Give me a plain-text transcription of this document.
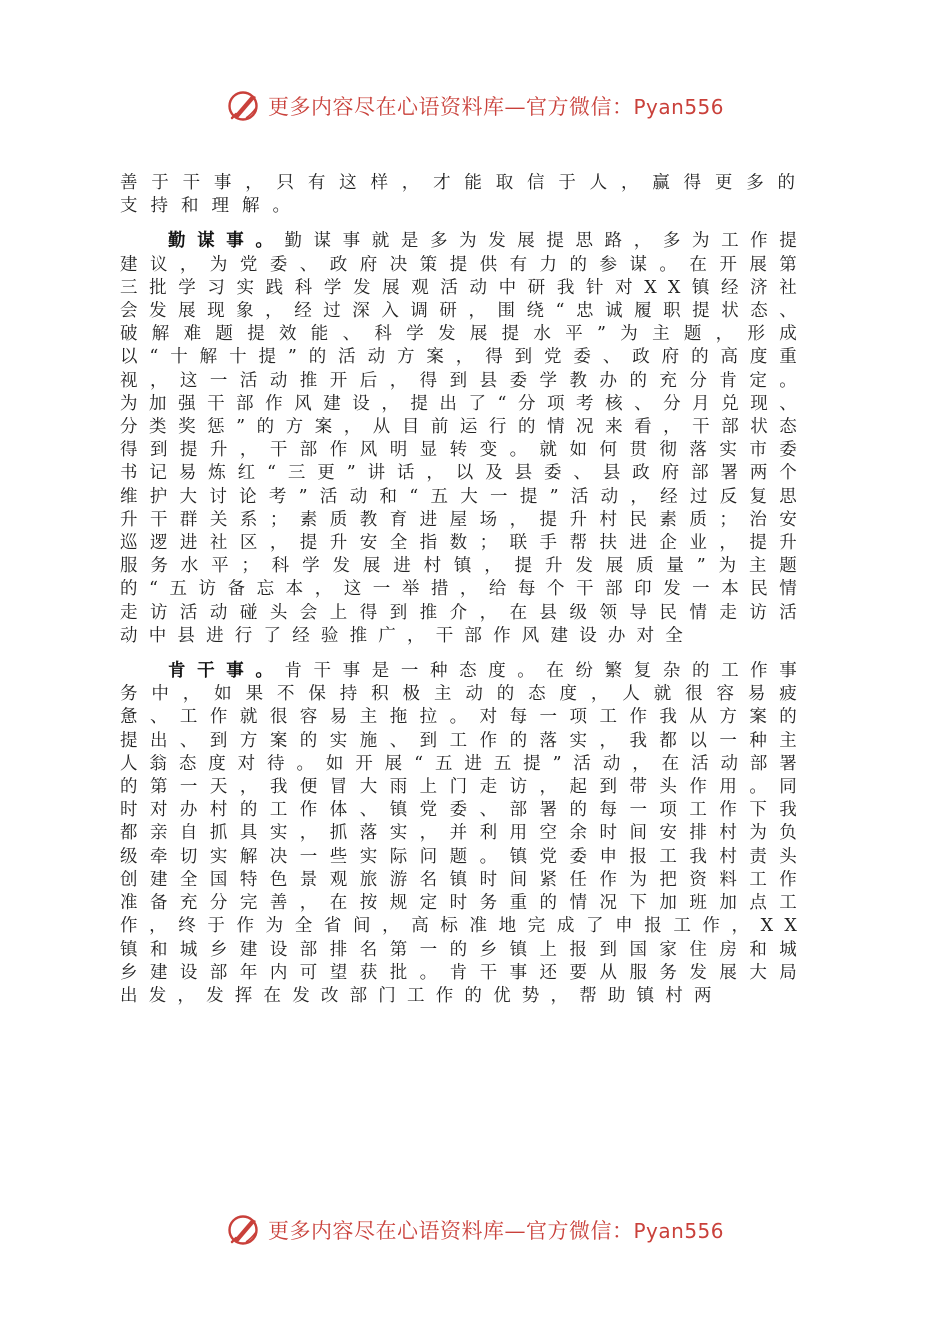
更多内容尽在心语资料库—官方微信：Pyan556

善于干事，只有这样，才能取信于人，赢得更多的支持和理解。

勤谋事。勤谋事就是多为发展提思路，多为工作提建议，为党委、政府决策提供有力的参谋。在开展第三批学习实践科学发展观活动中研我针对XX镇经济社会发展现象，经过深入调研，围绕“忠诚履职提状态、破解难题提效能、科学发展提水平”为主题，形成以“十解十提”的活动方案，得到党委、政府的高度重视，这一活动推开后，得到县委学教办的充分肯定。为加强干部作风建设，提出了“分项考核、分月兑现、分类奖惩”的方案，从目前运行的情况来看，干部状态得到提升，干部作风明显转变。就如何贯彻落实市委书记易炼红“三更”讲话，以及县委、县政府部署两个维护大讨论考”活动和“五大一提”活动，经过反复思升干群关系；素质教育进屋场，提升村民素质；治安巡逻进社区，提升安全指数；联手帮扶进企业，提升服务水平；科学发展进村镇，提升发展质量”为主题的“五访备忘本，这一举措，给每个干部印发一本民情走访活动碰头会上得到推介，在县级领导民情走访活动中县进行了经验推广，干部作风建设办对全

肯干事。肯干事是一种态度。在纷繁复杂的工作事务中，如果不保持积极主动的态度，人就很容易疲惫、工作就很容易主拖拉。对每一项工作我从方案的提出、到方案的实施、到工作的落实，我都以一种主人翁态度对待。如开展“五进五提”活动，在活动部署的第一天，我便冒大雨上门走访，起到带头作用。同时对办村的工作体、镇党委、部署的每一项工作下我都亲自抓具实，抓落实，并利用空余时间安排村为负级牵切实解决一些实际问题。镇党委申报工我村责头创建全国特色景观旅游名镇时间紧任作为把资料工作准备充分完善，在按规定时务重的情况下加班加点工作，终于作为全省间，高标准地完成了申报工作，XX镇和城乡建设部排名第一的乡镇上报到国家住房和城乡建设部年内可望获批。肯干事还要从服务发展大局出发，发挥在发改部门工作的优势，帮助镇村两

更多内容尽在心语资料库—官方微信：Pyan556
